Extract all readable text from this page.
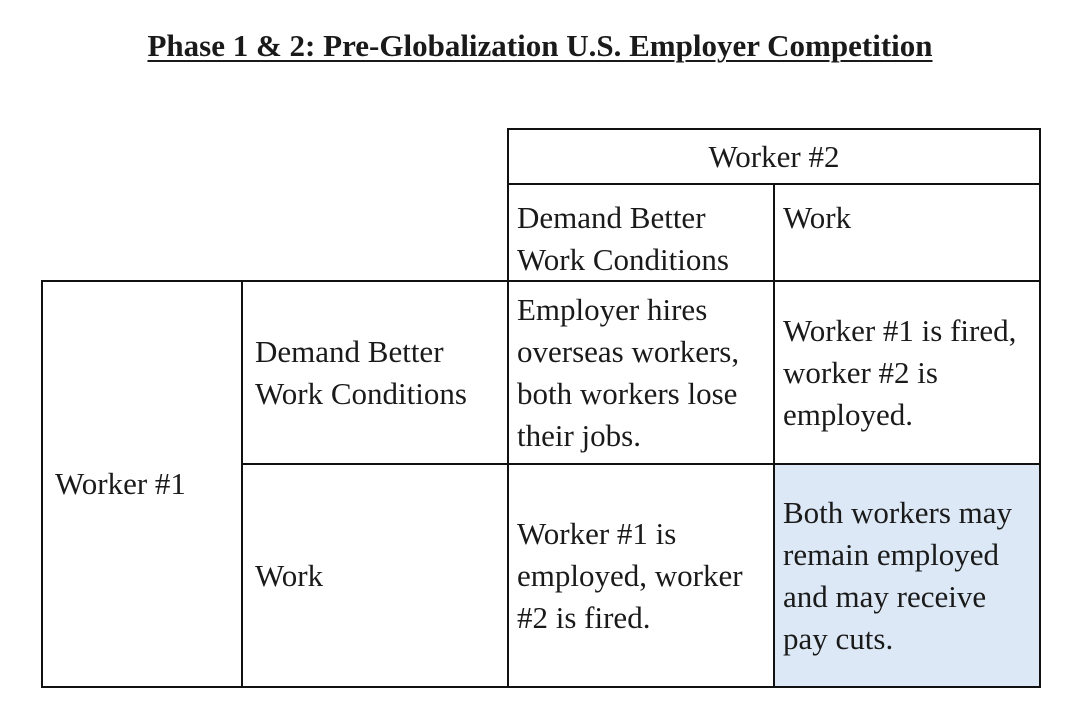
Phase 1 & 2: Pre-Globalization U.S. Employer Competition
Worker #2
Demand Better Work Conditions
Work
Worker #1
Demand Better Work Conditions
Work
Employer hires overseas workers, both workers lose their jobs.
Worker #1 is fired, worker #2 is employed.
Worker #1 is employed, worker #2 is fired.
Both workers may remain employed and may receive pay cuts.
